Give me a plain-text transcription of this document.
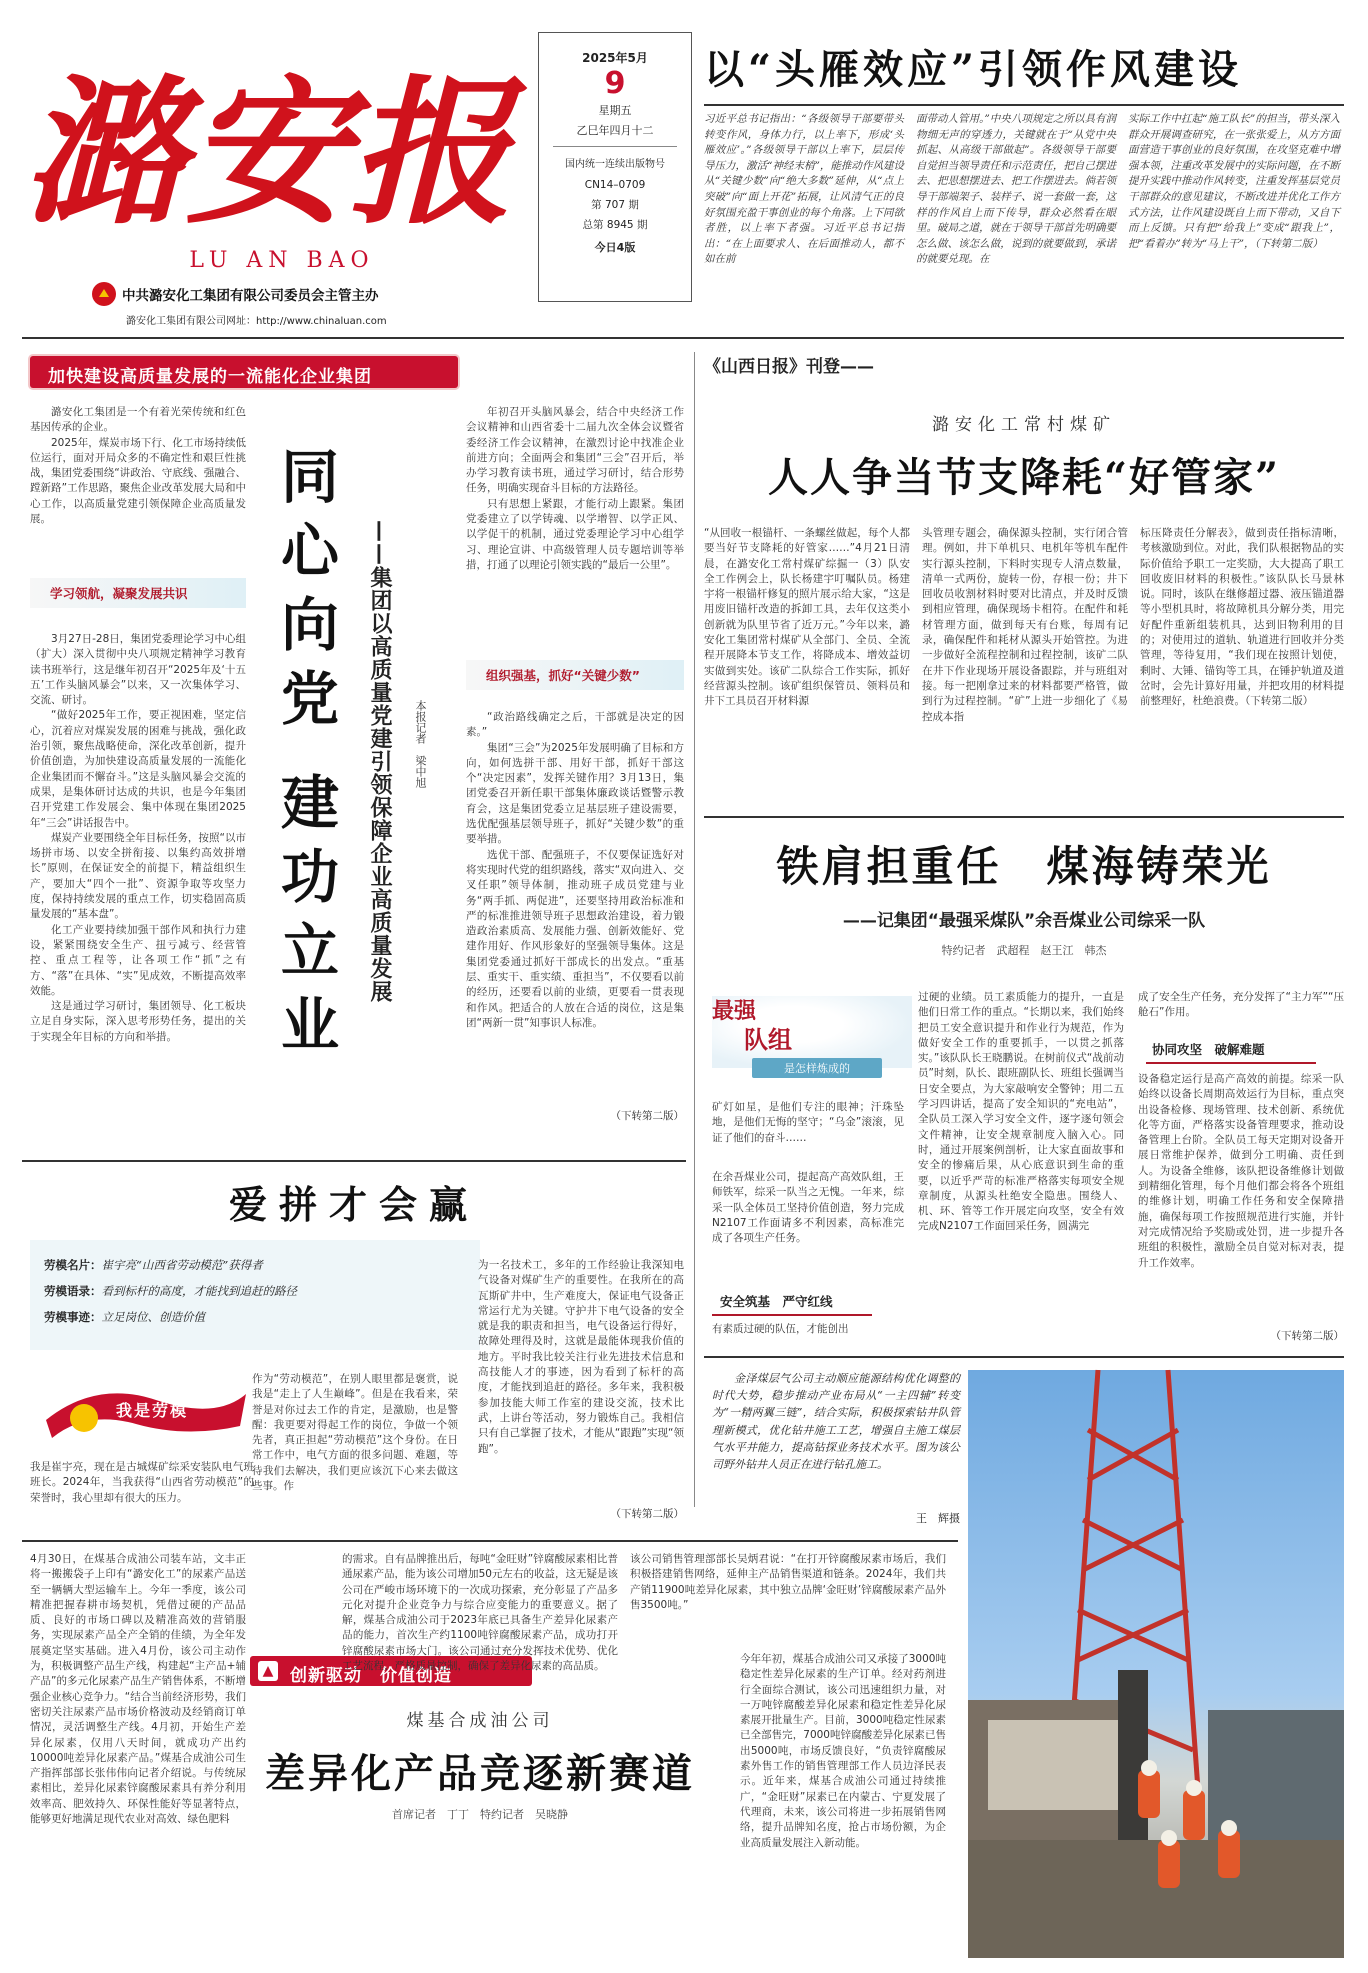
潞安报
LU AN BAO
中共潞安化工集团有限公司委员会主管主办
潞安化工集团有限公司网址：http://www.chinaluan.com
2025年5月
9
星期五
乙巳年四月十二
国内统一连续出版物号
CN14–0709
第 707 期
总第 8945 期
今日4版
以“头雁效应”引领作风建设
习近平总书记指出：“各级领导干部要带头转变作风，身体力行，以上率下，形成‘头雁效应’。”各级领导干部以上率下，层层传导压力，激活“神经末梢”，能推动作风建设从“关键少数”向“绝大多数”延伸，从“点上突破”向“面上开花”拓展，让风清气正的良好氛围充盈干事创业的每个角落。上下同欲者胜，以上率下者强。习近平总书记指出：“在上面要求人、在后面推动人，都不如在前
面带动人管用。”中央八项规定之所以具有润物细无声的穿透力，关键就在于“从党中央抓起、从高级干部做起”。各级领导干部要自觉担当领导责任和示范责任，把自己摆进去、把思想摆进去、把工作摆进去。倘若领导干部端架子、装样子、说一套做一套，这样的作风自上而下传导，群众必然看在眼里。破局之道，就在于领导干部首先明确要怎么做、该怎么做，说到的就要做到，承诺的就要兑现。在
实际工作中扛起“施工队长”的担当，带头深入群众开展调查研究，在一张张爱上，从方方面面营造干事创业的良好氛围，在攻坚克难中增强本领，注重改革发展中的实际问题，在不断提升实践中推动作风转变，注重发挥基层党员干部群众的意见建议，不断改进并优化工作方式方法，让作风建设既自上而下带动，又自下而上反馈。只有把“给我上”变成“跟我上”，把“看着办”转为“马上干”，（下转第二版）
加快建设高质量发展的一流能化企业集团

潞安化工集团是一个有着光荣传统和红色基因传承的企业。

2025年，煤炭市场下行、化工市场持续低位运行，面对开局众多的不确定性和艰巨性挑战，集团党委围绕“讲政治、守底线、强融合、蹚新路”工作思路，聚焦企业改革发展大局和中心工作，以高质量党建引领保障企业高质量发展。

学习领航，凝聚发展共识

3月27日-28日，集团党委理论学习中心组（扩大）深入贯彻中央八项规定精神学习教育读书班举行，这是继年初召开“2025年及‘十五五’工作头脑风暴会”以来，又一次集体学习、交流、研讨。

“做好2025年工作，要正视困难，坚定信心，沉着应对煤炭发展的困难与挑战，强化政治引领，聚焦战略使命，深化改革创新，提升价值创造，为加快建设高质量发展的一流能化企业集团而不懈奋斗。”这是头脑风暴会交流的成果，是集体研讨达成的共识，也是今年集团召开党建工作发展会、集中体现在集团2025年“三会”讲话报告中。

煤炭产业要围绕全年目标任务，按照“以市场拼市场、以安全拼衔接、以集约高效拼增长”原则，在保证安全的前提下，精益组织生产，要加大“四个一批”、资源争取等攻坚力度，保持持续发展的重点工作，切实稳固高质量发展的“基本盘”。

化工产业要持续加强干部作风和执行力建设，紧紧围绕安全生产、扭亏减亏、经营管控、重点工程等，让各项工作“抓”之有方、“落”在具体、“实”见成效，不断提高效率效能。

这是通过学习研讨，集团领导、化工板块立足自身实际，深入思考形势任务，提出的关于实现全年目标的方向和举措。

同
心
向
党
建
功
立
业
——集团以高质量党建引领保障企业高质量发展	本报记者　梁中旭

年初召开头脑风暴会，结合中央经济工作会议精神和山西省委十二届九次全体会议暨省委经济工作会议精神，在激烈讨论中找准企业前进方向；全面两会和集团“三会”召开后，举办学习教育读书班，通过学习研讨，结合形势任务，明确实现奋斗目标的方法路径。

只有思想上紧跟，才能行动上跟紧。集团党委建立了以学铸魂、以学增智、以学正风、以学促干的机制，通过党委理论学习中心组学习、理论宣讲、中高级管理人员专题培训等举措，打通了以理论引领实践的“最后一公里”。

组织强基，抓好“关键少数”

“政治路线确定之后，干部就是决定的因素。”

集团“三会”为2025年发展明确了目标和方向，如何选拼干部、用好干部，抓好干部这个“决定因素”，发挥关键作用？3月13日，集团党委召开新任职干部集体廉政谈话暨警示教育会，这是集团党委立足基层班子建设需要，选优配强基层领导班子，抓好“关键少数”的重要举措。

选优干部、配强班子，不仅要保证选好对将实现时代党的组织路线，落实“双向进入、交叉任职”领导体制，推动班子成员党建与业务“两手抓、两促进”，还要坚持用政治标准和严的标准推进领导班子思想政治建设，着力锻造政治素质高、发展能力强、创新效能好、党建作用好、作风形象好的坚强领导集体。这是集团党委通过抓好干部成长的出发点。“重基层、重实干、重实绩、重担当”，不仅要看以前的经历，还要看以前的业绩，更要看一贯表现和作风。把适合的人放在合适的岗位，这是集团“两新一贯”知事识人标准。

（下转第二版）
《山西日报》刊登——
潞安化工常村煤矿
人人争当节支降耗“好管家”
“从回收一根锚杆、一条螺丝做起，每个人都要当好节支降耗的好管家……”4月21日清晨，在潞安化工常村煤矿综掘一（3）队安全工作例会上，队长杨建宇叮嘱队员。杨建宇将一根锚杆修复的照片展示给大家，“这是用废旧锚杆改造的拆卸工具，去年仅这类小创新就为队里节省了近万元。”今年以来，潞安化工集团常村煤矿从全部门、全员、全流程开展降本节支工作，将降成本、增效益切实做到实处。该矿二队综合工作实际，抓好经营源头控制。该矿组织保管员、领料员和井下工具员召开材料源
头管理专题会，确保源头控制，实行闭合管理。例如，井下单机只、电机年等机车配件实行源头控制，下料时实现专人清点数量，清单一式两份，旋转一份，存根一份；井下回收员收割材料时要对比清点，并及时反馈到相应管理，确保现场卡相符。在配件和耗材管理方面，做到每天有台账，每周有记录，确保配件和耗材从源头开始管控。为进一步做好全流程控制和过程控制，该矿二队在井下作业现场开展设备跟踪，并与班组对接。每一把刚拿过来的材料都要严格管，做到行为过程控制。“矿”上进一步细化了《易控成本指
标压降责任分解表》，做到责任指标清晰，考核激励到位。对此，我们队根据物品的实际价值给予职工一定奖励，大大提高了职工回收废旧材料的积极性。”该队队长马景林说。同时，该队在继修超过器、液压锚道器等小型机具时，将故障机具分解分类，用完好配件重新组装机具，达到旧物利用的目的；对使用过的道轨、轨道进行回收并分类管理，等待复用，“我们现在按照计划使，剩时、大锤、锚钩等工具，在锤护轨道及道岔时，会先计算好用量，并把攻用的材料提前整理好，杜绝浪费。（下转第二版）
铁肩担重任　煤海铸荣光
——记集团“最强采煤队”余吾煤业公司综采一队
特约记者　武超程　赵王江　韩杰
最强
队组
是怎样炼成的
矿灯如星，是他们专注的眼神；汗珠坠地，是他们无悔的坚守；“乌金”滚滚，见证了他们的奋斗……
在余吾煤业公司，提起高产高效队组，王师铁军，综采一队当之无愧。一年来，综采一队全体员工坚持价值创造，努力完成N2107工作面请多不利因素，高标准完成了各项生产任务。
安全筑基　严守红线
有素质过硬的队伍，才能创出
过硬的业绩。员工素质能力的提升，一直是他们日常工作的重点。“长期以来，我们始终把员工安全意识提升和作业行为规范，作为做好安全工作的重要抓手，一以贯之抓落实。”该队队长王晓鹏说。在树前仪式“战前动员”时刻，队长、跟班副队长、班组长强调当日安全要点，为大家敲响安全警钟；用二五学习四讲话，提高了安全知识的“充电站”，全队员工深入学习安全文件，逐字逐句领会文件精神，让安全规章制度入脑入心。同时，通过开展案例剖析，让大家直面故事和安全的惨痛后果，从心底意识到生命的重要，以近乎严苛的标准严格落实每项安全规章制度，从源头杜绝安全隐患。围绕人、机、环、管等工作开展定向攻坚，安全有效完成N2107工作面回采任务，圆满完
成了安全生产任务，充分发挥了“主力军”“压舱石”作用。
协同攻坚　破解难题
设备稳定运行是高产高效的前提。综采一队始终以设备长周期高效运行为目标，重点突出设备检修、现场管理、技术创新、系统优化等方面，严格落实设备管理要求，推动设备管理上台阶。全队员工每天定期对设备开展日常维护保养，做到分工明确、责任到人。为设备全维修，该队把设备维修计划做到精细化管理，每个月他们都会将各个班组的维修计划，明确工作任务和安全保障措施，确保每项工作按照规范进行实施，并针对完成情况给予奖励或处罚，进一步提升各班组的积极性，激励全员自觉对标对表，提升工作效率。
（下转第二版）
爱拼才会赢
劳模名片：崔宇亮“山西省劳动模范”获得者
劳模语录：看到标杆的高度，才能找到追赶的路径
劳模事迹：立足岗位、创造价值
我是劳模
我是崔宇亮，现在是古城煤矿综采安装队电气班班长。2024年，当我获得“山西省劳动模范”的荣誉时，我心里却有很大的压力。
作为“劳动模范”，在别人眼里都是褒赏，说我是“走上了人生巅峰”。但是在我看来，荣誉是对你过去工作的肯定，是激励，也是警醒：我更要对得起工作的岗位，争做一个领先者，真正担起“劳动模范”这个身份。在日常工作中，电气方面的很多问题、难题，等待我们去解决，我们更应该沉下心来去做这些事。作
为一名技术工，多年的工作经验让我深知电气设备对煤矿生产的重要性。在我所在的高瓦斯矿井中，生产难度大，保证电气设备正常运行尤为关键。守护井下电气设备的安全就是我的职责和担当，电气设备运行得好，故障处理得及时，这就是最能体现我价值的地方。平时我比较关注行业先进技术信息和高技能人才的事迹，因为看到了标杆的高度，才能找到追赶的路径。多年来，我积极参加技能大师工作室的建设交流，技术比武，上讲台等活动，努力锻炼自己。我相信只有自己掌握了技术，才能从“跟跑”实现“领跑”。
（下转第二版）
金泽煤层气公司主动顺应能源结构优化调整的时代大势，稳步推动产业布局从“一主四辅”转变为“一精两翼三链”，结合实际，积极探索钻井队管理新模式，优化钻井施工工艺，增强自主施工煤层气水平井能力，提高钻探业务技术水平。图为该公司野外钻井人员正在进行钻孔施工。
王　辉摄
4月30日，在煤基合成油公司装车站，文丰正将一搬搬袋子上印有“潞安化工”的尿素产品送至一辆辆大型运输车上。今年一季度，该公司精准把握春耕市场契机，凭借过硬的产品品质、良好的市场口碑以及精准高效的营销服务，实现尿素产品全产全销的佳绩，为全年发展奠定坚实基础。进入4月份，该公司主动作为，积极调整产品生产线，构建起“主产品+辅产品”的多元化尿素产品生产销售体系，不断增强企业核心竞争力。“结合当前经济形势，我们密切关注尿素产品市场价格波动及经销商订单情况，灵活调整生产线。4月初，开始生产差异化尿素，仅用八天时间，就成功产出约10000吨差异化尿素产品。”煤基合成油公司生产指挥部部长张伟伟向记者介绍说。与传统尿素相比，差异化尿素锌腐酸尿素具有养分利用效率高、肥效持久、环保性能好等显著特点，能够更好地满足现代农业对高效、绿色肥料
▲ 创新驱动　价值创造
的需求。自有品牌推出后，每吨“金旺财”锌腐酸尿素相比普通尿素产品，能为该公司增加50元左右的收益，这无疑是该公司在严峻市场环境下的一次成功探索，充分彰显了产品多元化对提升企业竞争力与综合应变能力的重要意义。据了解，煤基合成油公司于2023年底已具备生产差异化尿素产品的能力，首次生产约1100吨锌腐酸尿素产品，成功打开锌腐酸尿素市场大门。该公司通过充分发挥技术优势、优化工艺流程、严格质量控制，确保了差异化尿素的高品质。
该公司销售管理部部长吴炳君说：“在打开锌腐酸尿素市场后，我们积极搭建销售网络，延伸主产品销售渠道和链条。2024年，我们共产销11900吨差异化尿素，其中独立品牌‘金旺财’锌腐酸尿素产品外售3500吨。”
煤基合成油公司
差异化产品竞逐新赛道
首席记者　丁丁　特约记者　吴晓静
今年年初，煤基合成油公司又承接了3000吨稳定性差异化尿素的生产订单。经对药剂进行全面综合测试，该公司迅速组织力量，对一万吨锌腐酸差异化尿素和稳定性差异化尿素展开批量生产。目前，3000吨稳定性尿素已全部售完，7000吨锌腐酸差异化尿素已售出5000吨，市场反馈良好，“负责锌腐酸尿素外售工作的销售管理部工作人员边泽民表示。近年来，煤基合成油公司通过持续推广，“金旺财”尿素已在内蒙古、宁夏发展了代理商，未来，该公司将进一步拓展销售网络，提升品牌知名度，抢占市场份额，为企业高质量发展注入新动能。
